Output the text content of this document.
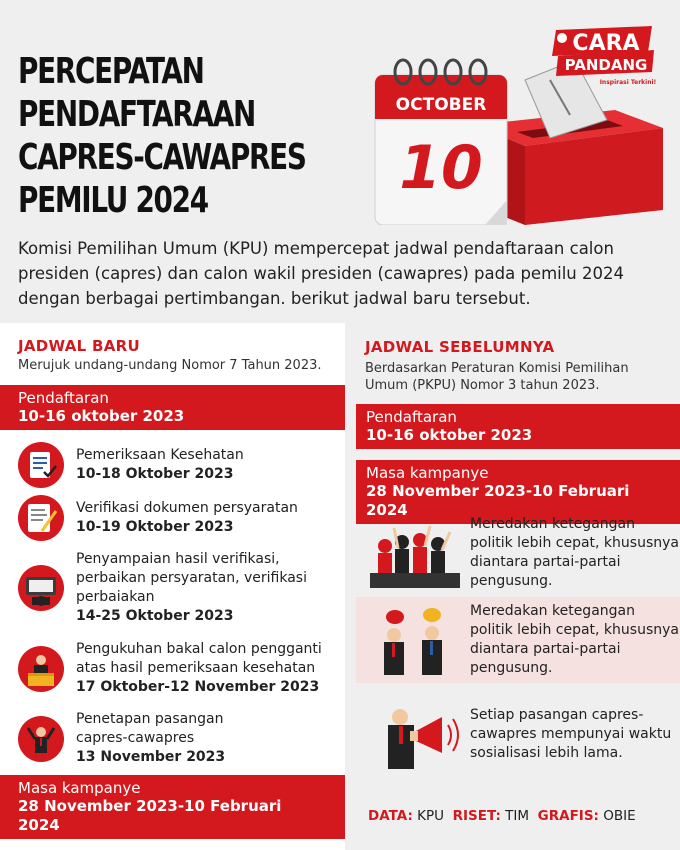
PERCEPATAN
PENDAFTARAAN
CAPRES-CAWAPRES
PEMILU 2024
OCTOBER
10
CARA
PANDANG
Inspirasi Terkini!

Komisi Pemilihan Umum (KPU) mempercepat jadwal pendaftaraan calon presiden (capres) dan calon wakil presiden (cawapres) pada pemilu 2024 dengan berbagai pertimbangan. berikut jadwal baru tersebut.

JADWAL BARU
Merujuk undang-undang Nomor 7 Tahun 2023.
Pendaftaran
10-16 oktober 2023
Pemeriksaan Kesehatan
10-18 Oktober 2023
Verifikasi dokumen persyaratan
10-19 Oktober 2023
Penyampaian hasil verifikasi,
perbaikan persyaratan, verifikasi
perbaiakan
14-25 Oktober 2023
Pengukuhan bakal calon pengganti
atas hasil pemeriksaan kesehatan
17 Oktober-12 November 2023
Penetapan pasangan
capres-cawapres
13 November 2023
Masa kampanye
28 November 2023-10 Februari 2024
JADWAL SEBELUMNYA
Berdasarkan Peraturan Komisi Pemilihan Umum (PKPU) Nomor 3 tahun 2023.
Pendaftaran
10-16 oktober 2023
Masa kampanye
28 November 2023-10 Februari 2024
Meredakan ketegangan politik lebih cepat, khususnya diantara partai-partai pengusung.
Meredakan ketegangan politik lebih cepat, khususnya diantara partai-partai pengusung.
Setiap pasangan capres-cawapres mempunyai waktu sosialisasi lebih lama.
DATA: KPU RISET: TIM GRAFIS: OBIE
